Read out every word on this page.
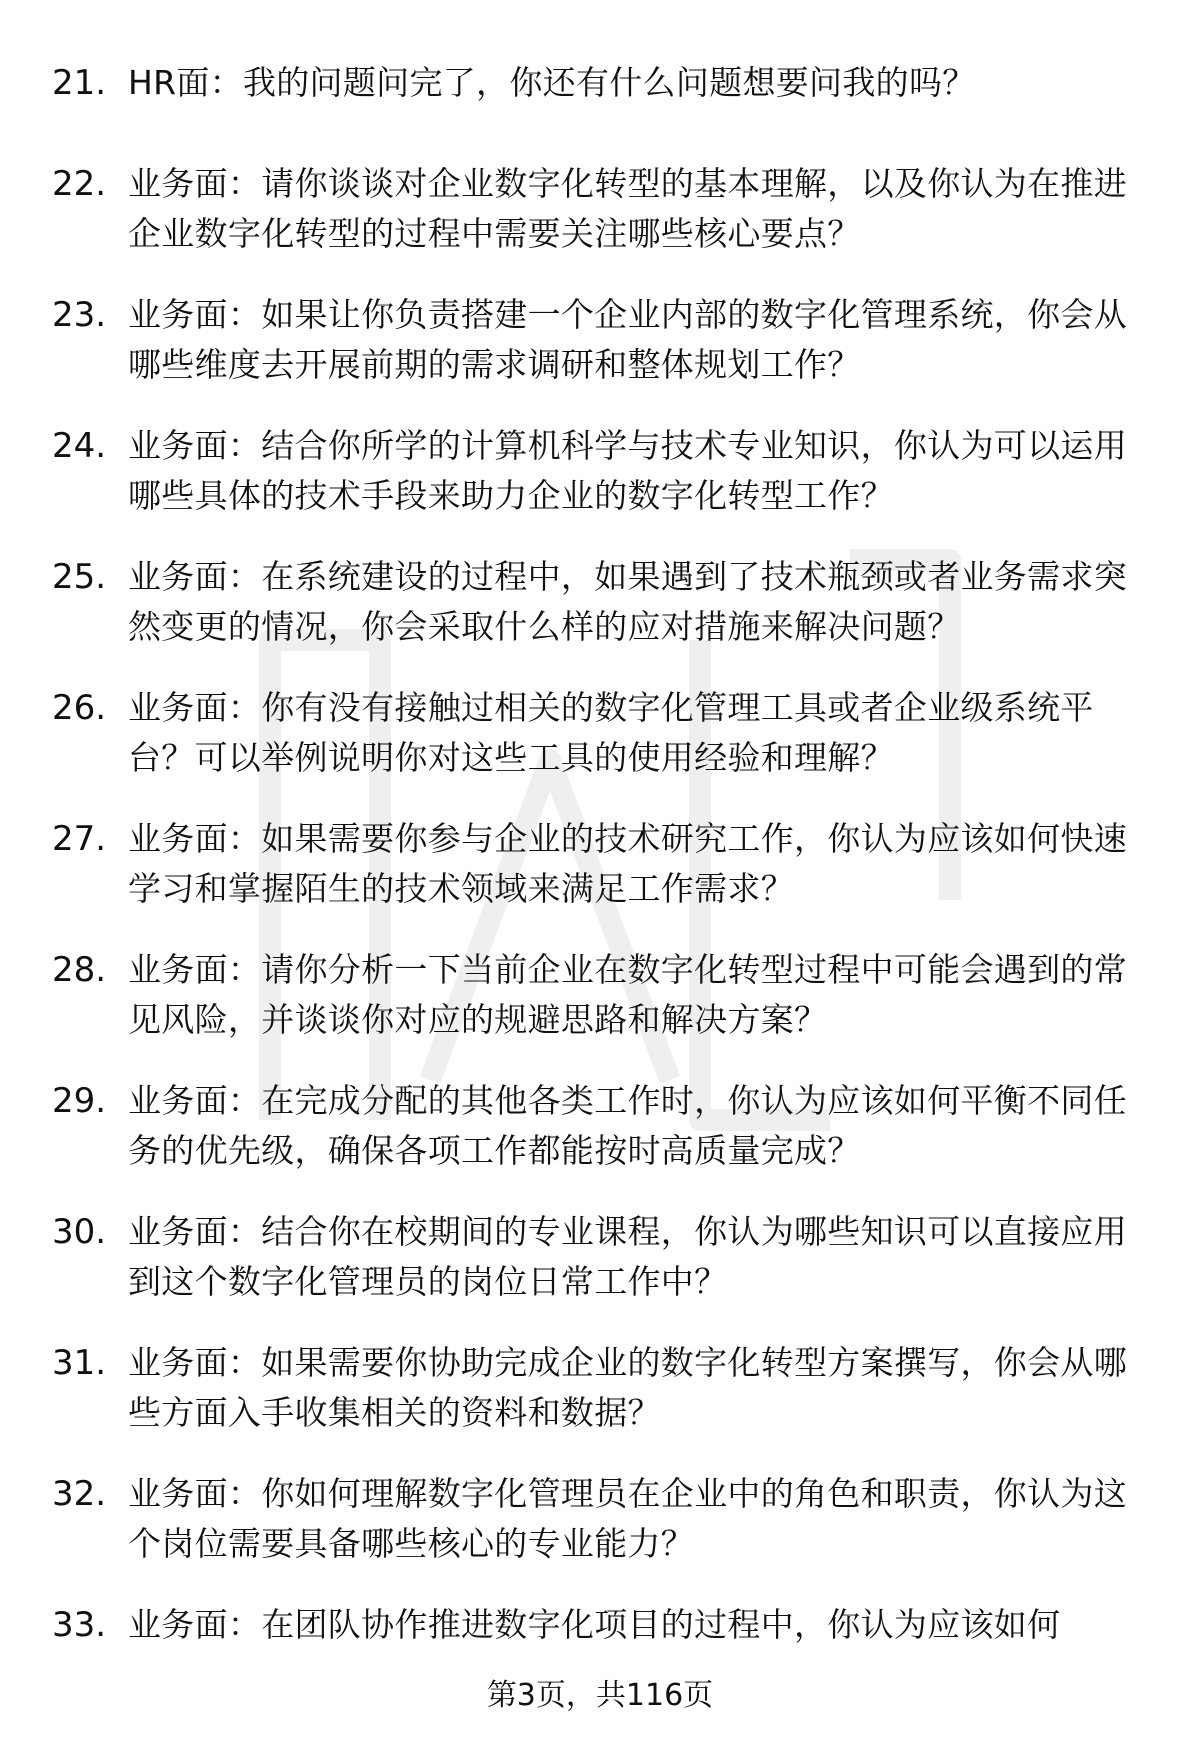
21. HR面：我的问题问完了，你还有什么问题想要问我的吗？
22. 业务面：请你谈谈对企业数字化转型的基本理解，以及你认为在推进企业数字化转型的过程中需要关注哪些核心要点？
23. 业务面：如果让你负责搭建一个企业内部的数字化管理系统，你会从哪些维度去开展前期的需求调研和整体规划工作？
24. 业务面：结合你所学的计算机科学与技术专业知识，你认为可以运用哪些具体的技术手段来助力企业的数字化转型工作？
25. 业务面：在系统建设的过程中，如果遇到了技术瓶颈或者业务需求突然变更的情况，你会采取什么样的应对措施来解决问题？
26. 业务面：你有没有接触过相关的数字化管理工具或者企业级系统平台？可以举例说明你对这些工具的使用经验和理解？
27. 业务面：如果需要你参与企业的技术研究工作，你认为应该如何快速学习和掌握陌生的技术领域来满足工作需求？
28. 业务面：请你分析一下当前企业在数字化转型过程中可能会遇到的常见风险，并谈谈你对应的规避思路和解决方案？
29. 业务面：在完成分配的其他各类工作时，你认为应该如何平衡不同任务的优先级，确保各项工作都能按时高质量完成？
30. 业务面：结合你在校期间的专业课程，你认为哪些知识可以直接应用到这个数字化管理员的岗位日常工作中？
31. 业务面：如果需要你协助完成企业的数字化转型方案撰写，你会从哪些方面入手收集相关的资料和数据？
32. 业务面：你如何理解数字化管理员在企业中的角色和职责，你认为这个岗位需要具备哪些核心的专业能力？
33. 业务面：在团队协作推进数字化项目的过程中，你认为应该如何
第3页，共116页
